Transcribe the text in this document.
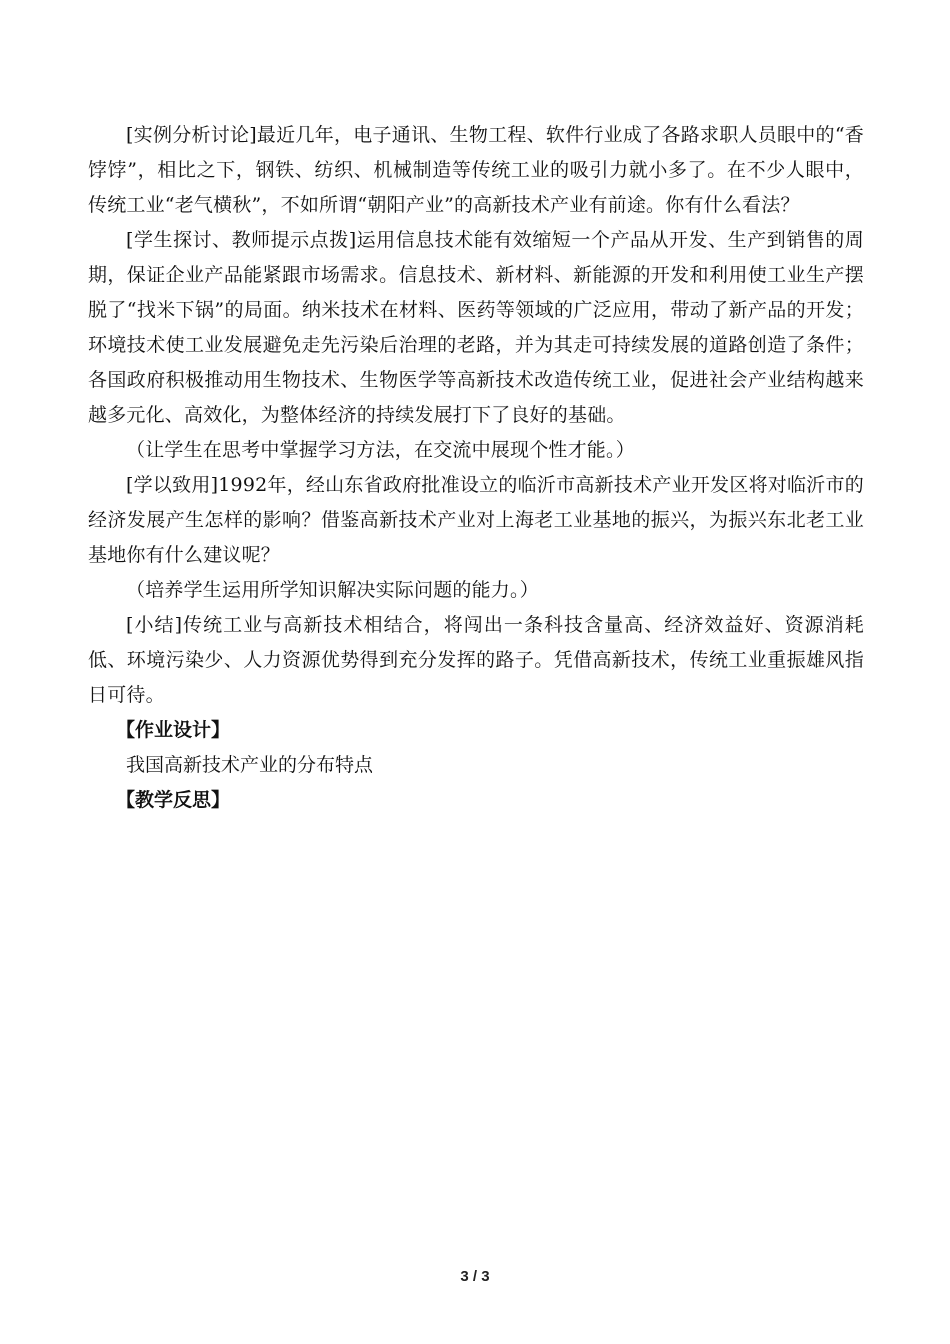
[实例分析讨论]最近几年，电子通讯、生物工程、软件行业成了各路求职人员眼中的“香饽饽”，相比之下，钢铁、纺织、机械制造等传统工业的吸引力就小多了。在不少人眼中，传统工业“老气横秋”，不如所谓“朝阳产业”的高新技术产业有前途。你有什么看法？

[学生探讨、教师提示点拨]运用信息技术能有效缩短一个产品从开发、生产到销售的周期，保证企业产品能紧跟市场需求。信息技术、新材料、新能源的开发和利用使工业生产摆脱了“找米下锅”的局面。纳米技术在材料、医药等领域的广泛应用，带动了新产品的开发；环境技术使工业发展避免走先污染后治理的老路，并为其走可持续发展的道路创造了条件；各国政府积极推动用生物技术、生物医学等高新技术改造传统工业，促进社会产业结构越来越多元化、高效化，为整体经济的持续发展打下了良好的基础。

（让学生在思考中掌握学习方法，在交流中展现个性才能。）

[学以致用]1992年，经山东省政府批准设立的临沂市高新技术产业开发区将对临沂市的经济发展产生怎样的影响？借鉴高新技术产业对上海老工业基地的振兴，为振兴东北老工业基地你有什么建议呢？

（培养学生运用所学知识解决实际问题的能力。）

[小结]传统工业与高新技术相结合，将闯出一条科技含量高、经济效益好、资源消耗低、环境污染少、人力资源优势得到充分发挥的路子。凭借高新技术，传统工业重振雄风指日可待。

【作业设计】

我国高新技术产业的分布特点

【教学反思】

3 / 3
